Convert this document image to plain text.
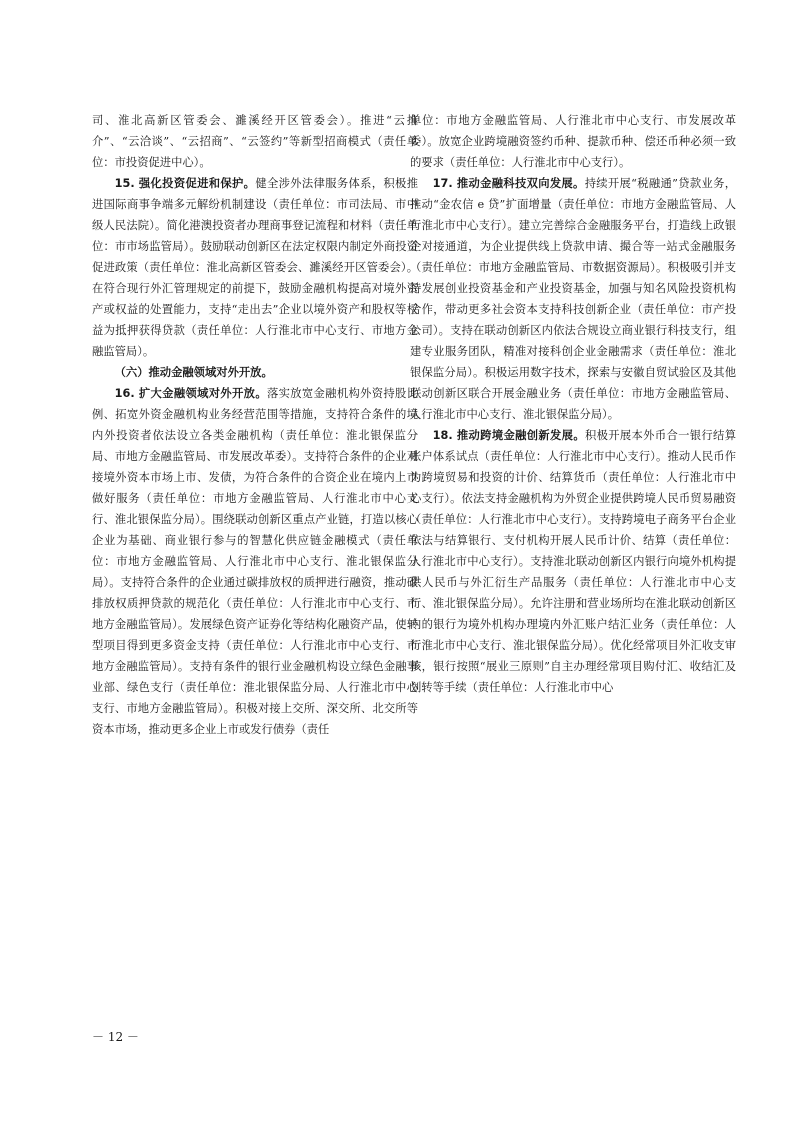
司、淮北高新区管委会、濉溪经开区管委会）。推进“云推介”、“云洽谈”、“云招商”、“云签约”等新型招商模式（责任单位：市投资促进中心）。

15. 强化投资促进和保护。健全涉外法律服务体系，积极推进国际商事争端多元解纷机制建设（责任单位：市司法局、市中级人民法院）。简化港澳投资者办理商事登记流程和材料（责任单位：市市场监管局）。鼓励联动创新区在法定权限内制定外商投资促进政策（责任单位：淮北高新区管委会、濉溪经开区管委会）。在符合现行外汇管理规定的前提下，鼓励金融机构提高对境外资产或权益的处置能力，支持“走出去”企业以境外资产和股权等权益为抵押获得贷款（责任单位：人行淮北市中心支行、市地方金融监管局）。

（六）推动金融领域对外开放。

16. 扩大金融领域对外开放。落实放宽金融机构外资持股比例、拓宽外资金融机构业务经营范围等措施，支持符合条件的境内外投资者依法设立各类金融机构（责任单位：淮北银保监分局、市地方金融监管局、市发展改革委）。支持符合条件的企业对接境外资本市场上市、发债，为符合条件的合资企业在境内上市做好服务（责任单位：市地方金融监管局、人行淮北市中心支行、淮北银保监分局）。围绕联动创新区重点产业链，打造以核心企业为基础、商业银行参与的智慧化供应链金融模式（责任单位：市地方金融监管局、人行淮北市中心支行、淮北银保监分局）。支持符合条件的企业通过碳排放权的质押进行融资，推动碳排放权质押贷款的规范化（责任单位：人行淮北市中心支行、市地方金融监管局）。发展绿色资产证券化等结构化融资产品，使转型项目得到更多资金支持（责任单位：人行淮北市中心支行、市地方金融监管局）。支持有条件的银行业金融机构设立绿色金融事业部、绿色支行（责任单位：淮北银保监分局、人行淮北市中心支行、市地方金融监管局）。积极对接上交所、深交所、北交所等资本市场，推动更多企业上市或发行债券（责任

单位：市地方金融监管局、人行淮北市中心支行、市发展改革委）。放宽企业跨境融资签约币种、提款币种、偿还币种必须一致的要求（责任单位：人行淮北市中心支行）。

17. 推动金融科技双向发展。持续开展“税融通”贷款业务，推动“金农信 e 贷”扩面增量（责任单位：市地方金融监管局、人行淮北市中心支行）。建立完善综合金融服务平台，打造线上政银企对接通道，为企业提供线上贷款申请、撮合等一站式金融服务（责任单位：市地方金融监管局、市数据资源局）。积极吸引并支持发展创业投资基金和产业投资基金，加强与知名风险投资机构合作，带动更多社会资本支持科技创新企业（责任单位：市产投公司）。支持在联动创新区内依法合规设立商业银行科技支行，组建专业服务团队，精准对接科创企业金融需求（责任单位：淮北银保监分局）。积极运用数字技术，探索与安徽自贸试验区及其他联动创新区联合开展金融业务（责任单位：市地方金融监管局、人行淮北市中心支行、淮北银保监分局）。

18. 推动跨境金融创新发展。积极开展本外币合一银行结算账户体系试点（责任单位：人行淮北市中心支行）。推动人民币作为跨境贸易和投资的计价、结算货币（责任单位：人行淮北市中心支行）。依法支持金融机构为外贸企业提供跨境人民币贸易融资（责任单位：人行淮北市中心支行）。支持跨境电子商务平台企业依法与结算银行、支付机构开展人民币计价、结算（责任单位：人行淮北市中心支行）。支持淮北联动创新区内银行向境外机构提供人民币与外汇衍生产品服务（责任单位：人行淮北市中心支行、淮北银保监分局）。允许注册和营业场所均在淮北联动创新区内的银行为境外机构办理境内外汇账户结汇业务（责任单位：人行淮北市中心支行、淮北银保监分局）。优化经常项目外汇收支审核，银行按照“展业三原则”自主办理经常项目购付汇、收结汇及划转等手续（责任单位：人行淮北市中心

－ 12 －
